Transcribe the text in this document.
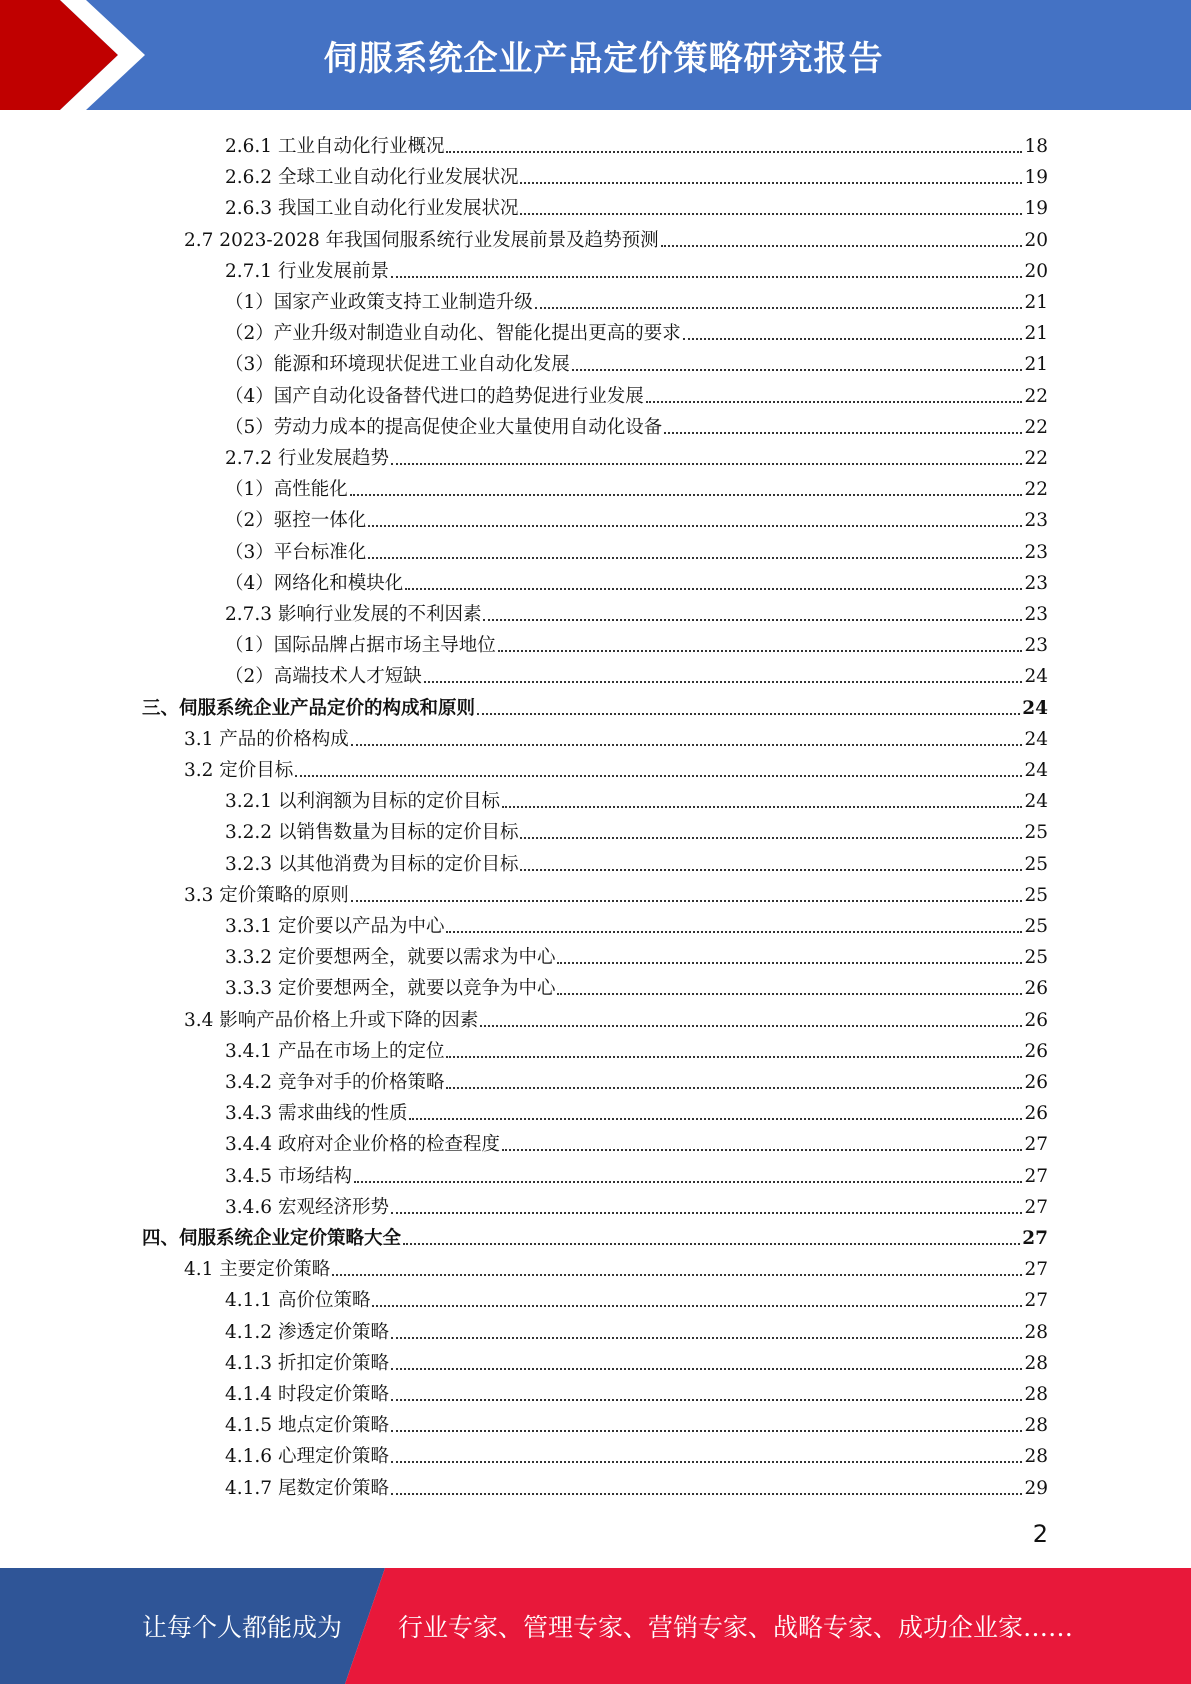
伺服系统企业产品定价策略研究报告
2.6.1 工业自动化行业概况	18
2.6.2 全球工业自动化行业发展状况	19
2.6.3 我国工业自动化行业发展状况	19
2.7 2023-2028 年我国伺服系统行业发展前景及趋势预测	20
2.7.1 行业发展前景	20
（1）国家产业政策支持工业制造升级	21
（2）产业升级对制造业自动化、智能化提出更高的要求	21
（3）能源和环境现状促进工业自动化发展	21
（4）国产自动化设备替代进口的趋势促进行业发展	22
（5）劳动力成本的提高促使企业大量使用自动化设备	22
2.7.2 行业发展趋势	22
（1）高性能化	22
（2）驱控一体化	23
（3）平台标准化	23
（4）网络化和模块化	23
2.7.3 影响行业发展的不利因素	23
（1）国际品牌占据市场主导地位	23
（2）高端技术人才短缺	24
三、伺服系统企业产品定价的构成和原则	24
3.1 产品的价格构成	24
3.2 定价目标	24
3.2.1 以利润额为目标的定价目标	24
3.2.2 以销售数量为目标的定价目标	25
3.2.3 以其他消费为目标的定价目标	25
3.3 定价策略的原则	25
3.3.1 定价要以产品为中心	25
3.3.2 定价要想两全，就要以需求为中心	25
3.3.3 定价要想两全，就要以竞争为中心	26
3.4 影响产品价格上升或下降的因素	26
3.4.1 产品在市场上的定位	26
3.4.2 竞争对手的价格策略	26
3.4.3 需求曲线的性质	26
3.4.4 政府对企业价格的检查程度	27
3.4.5 市场结构	27
3.4.6 宏观经济形势	27
四、伺服系统企业定价策略大全	27
4.1 主要定价策略	27
4.1.1 高价位策略	27
4.1.2 渗透定价策略	28
4.1.3 折扣定价策略	28
4.1.4 时段定价策略	28
4.1.5 地点定价策略	28
4.1.6 心理定价策略	28
4.1.7 尾数定价策略	29
2
让每个人都能成为 行业专家、管理专家、营销专家、战略专家、成功企业家……
